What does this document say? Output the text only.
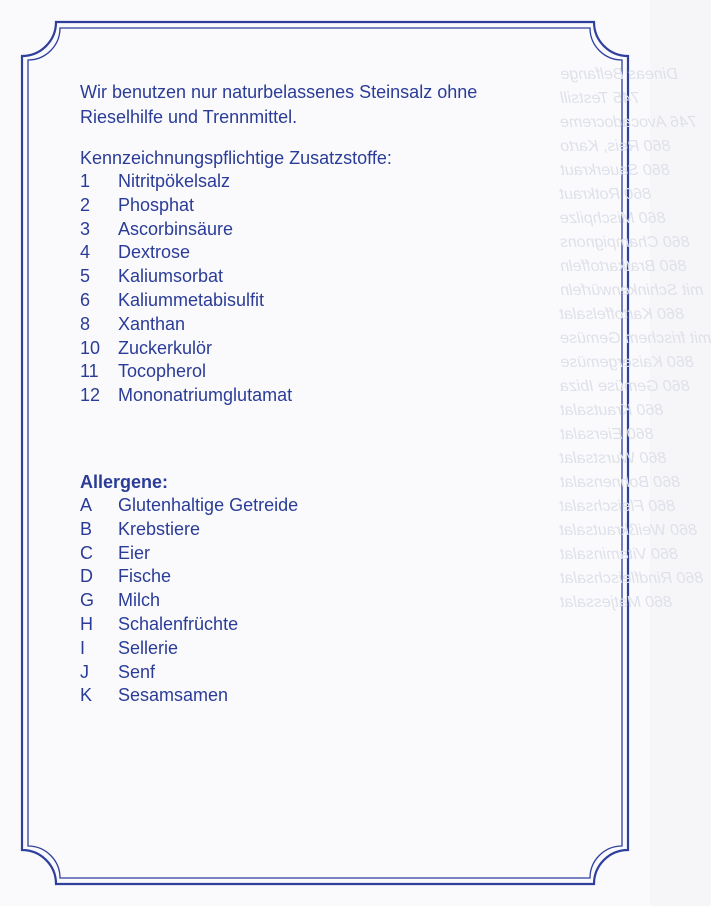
Dineas Belfange
745 Testsill
746 Avocadocreme
860 Reis, Karto
860 Sauerkraut
860 Rotkraut
860 Mischpilze
860 Champignons
860 Bratkartoffeln
mit Schinkenwürfeln
860 Kartoffelsalat
mit frischem Gemüse
860 Kaisergemüse
860 Gemüse Ibiza
860 Krautsalat
860 Eiersalat
860 Wurstsalat
860 Bohnensalat
860 Fleischsalat
860 Weißkrautsalat
860 Vitaminsalat
860 Rindfleischsalat
860 Matjessalat

Wir benutzen nur naturbelassenes Steinsalz ohne Rieselhilfe und Trennmittel.

Kennzeichnungspflichtige Zusatzstoffe:

1	Nitritpökelsalz
2	Phosphat
3	Ascorbinsäure
4	Dextrose
5	Kaliumsorbat
6	Kaliummetabisulfit
8	Xanthan
10 Zuckerkulör
11	Tocopherol
12 Mononatriumglutamat

Allergene:

A	Glutenhaltige Getreide
B	Krebstiere
C	Eier
D	Fische
G	Milch
H	Schalenfrüchte
I	Sellerie
J	Senf
K	Sesamsamen
